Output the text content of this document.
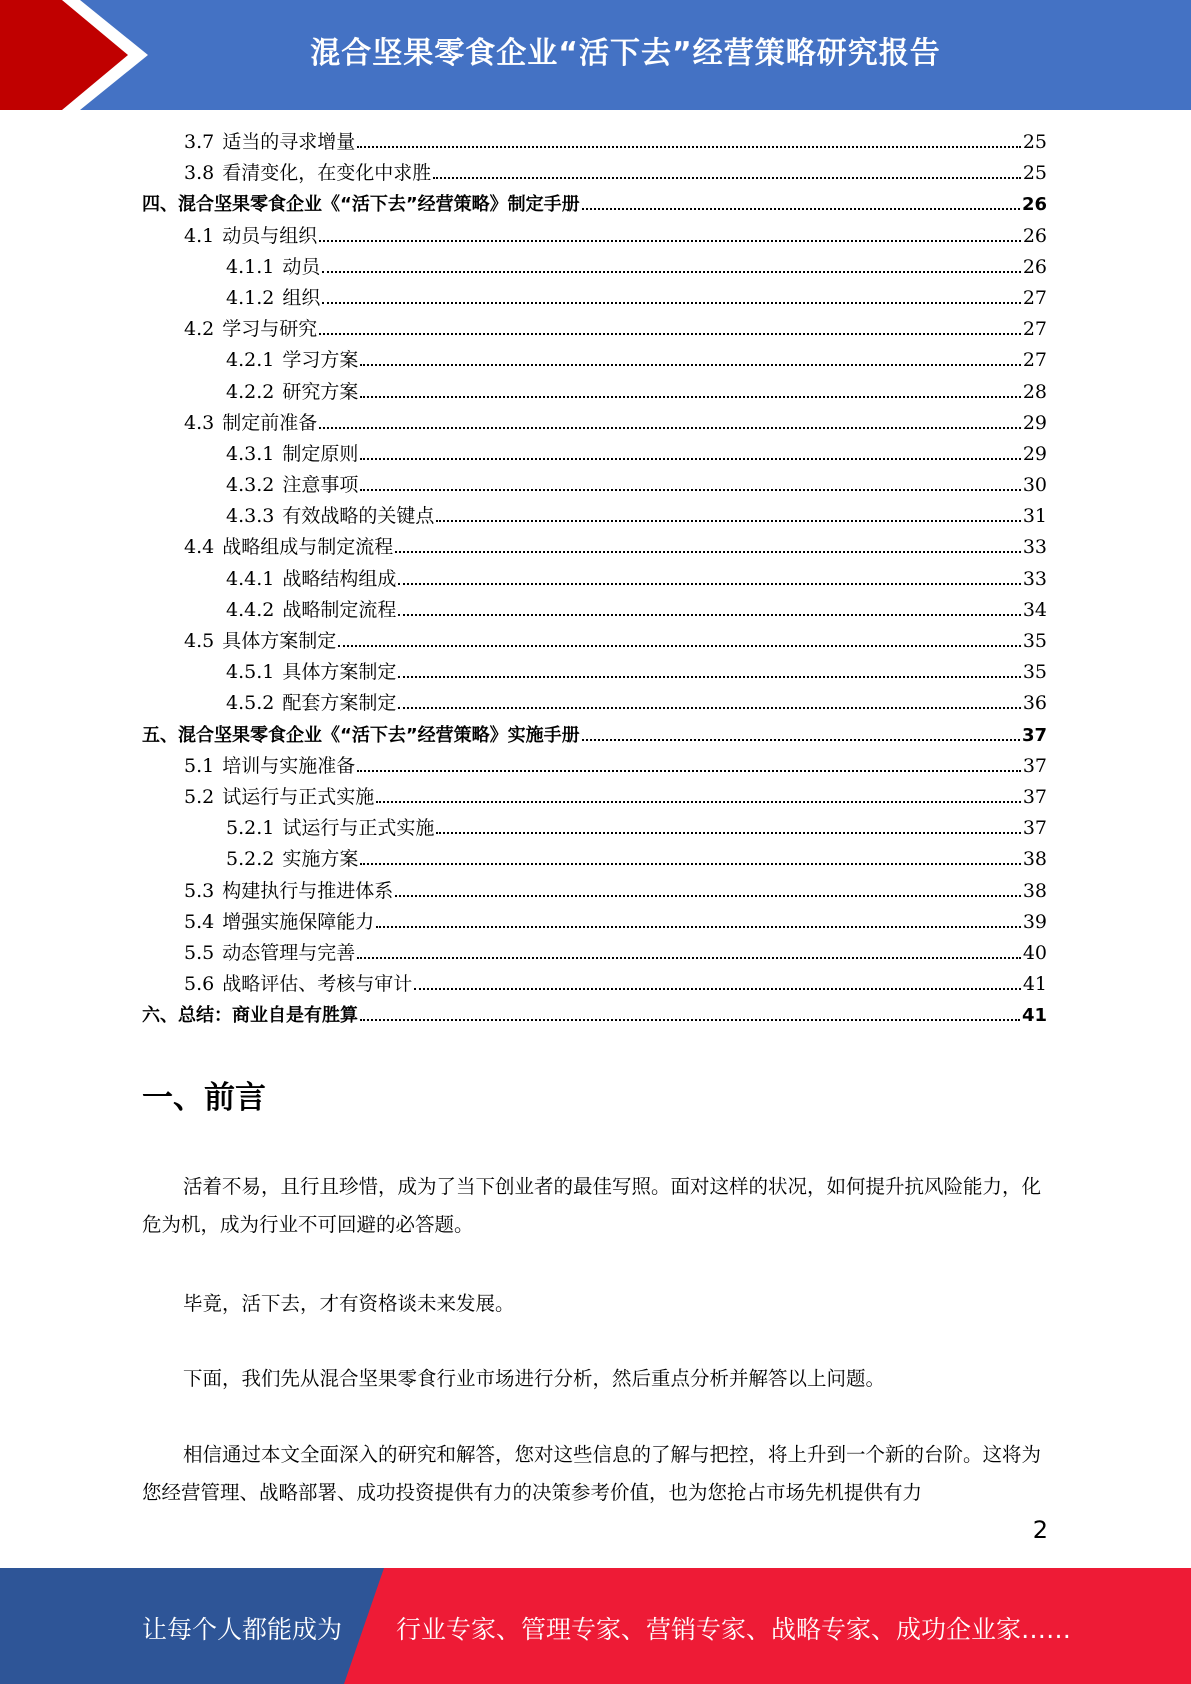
混合坚果零食企业“活下去”经营策略研究报告
3.7 适当的寻求增量	25
3.8 看清变化，在变化中求胜	25
四、混合坚果零食企业《“活下去”经营策略》制定手册	26
4.1 动员与组织	26
4.1.1 动员	26
4.1.2 组织	27
4.2 学习与研究	27
4.2.1 学习方案	27
4.2.2 研究方案	28
4.3 制定前准备	29
4.3.1 制定原则	29
4.3.2 注意事项	30
4.3.3 有效战略的关键点	31
4.4 战略组成与制定流程	33
4.4.1 战略结构组成	33
4.4.2 战略制定流程	34
4.5 具体方案制定	35
4.5.1 具体方案制定	35
4.5.2 配套方案制定	36
五、混合坚果零食企业《“活下去”经营策略》实施手册	37
5.1 培训与实施准备	37
5.2 试运行与正式实施	37
5.2.1 试运行与正式实施	37
5.2.2 实施方案	38
5.3 构建执行与推进体系	38
5.4 增强实施保障能力	39
5.5 动态管理与完善	40
5.6 战略评估、考核与审计	41
六、总结：商业自是有胜算	41
一、前言
活着不易，且行且珍惜，成为了当下创业者的最佳写照。面对这样的状况，如何提升抗风险能力，化危为机，成为行业不可回避的必答题。
毕竟，活下去，才有资格谈未来发展。
下面，我们先从混合坚果零食行业市场进行分析，然后重点分析并解答以上问题。
相信通过本文全面深入的研究和解答，您对这些信息的了解与把控，将上升到一个新的台阶。这将为您经营管理、战略部署、成功投资提供有力的决策参考价值，也为您抢占市场先机提供有力
2
让每个人都能成为 行业专家、管理专家、营销专家、战略专家、成功企业家……
